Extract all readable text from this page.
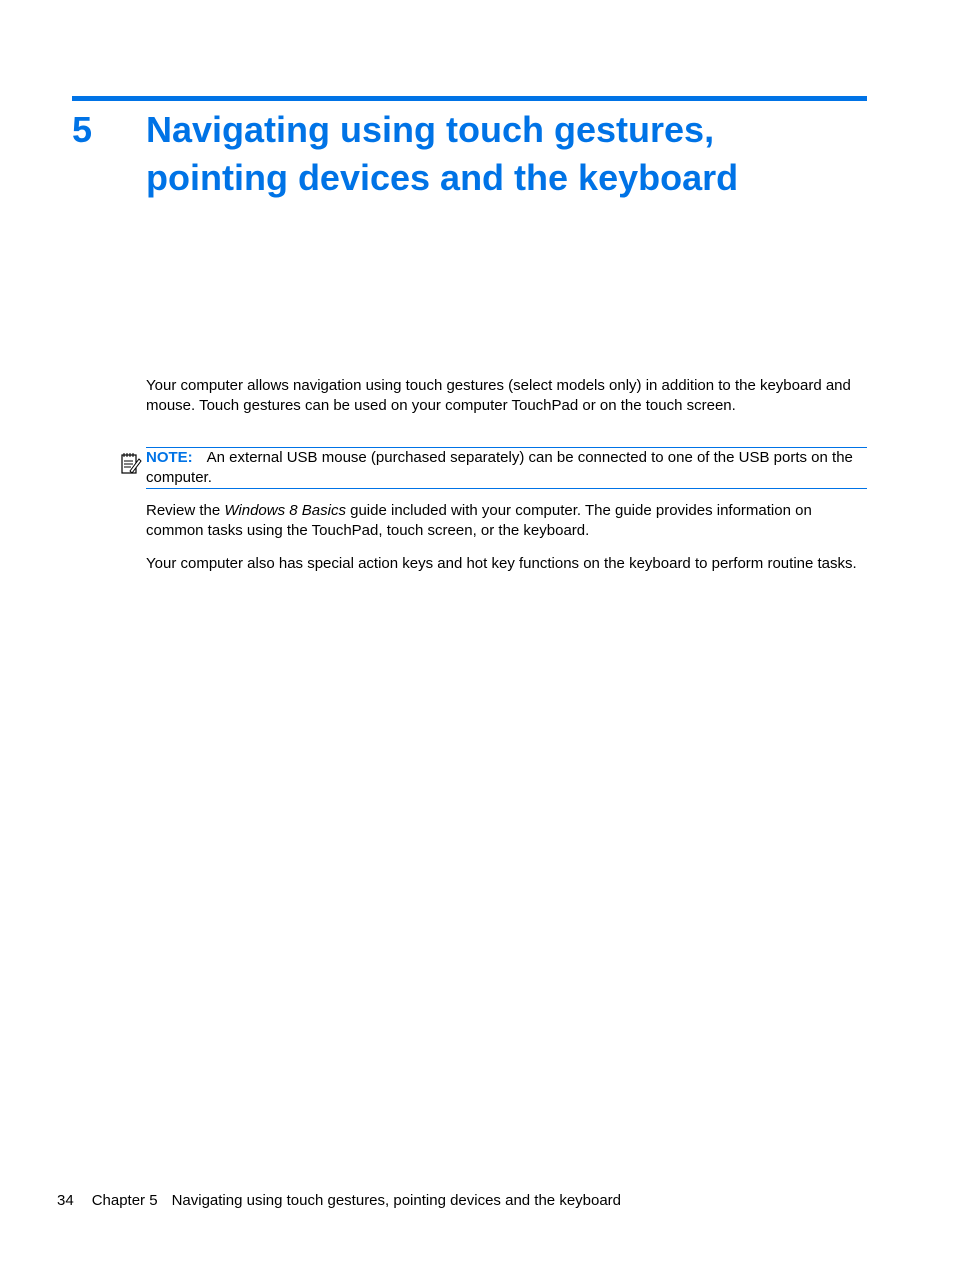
5 Navigating using touch gestures, pointing devices and the keyboard
Your computer allows navigation using touch gestures (select models only) in addition to the keyboard and mouse. Touch gestures can be used on your computer TouchPad or on the touch screen.
NOTE: An external USB mouse (purchased separately) can be connected to one of the USB ports on the computer.
Review the Windows 8 Basics guide included with your computer. The guide provides information on common tasks using the TouchPad, touch screen, or the keyboard.
Your computer also has special action keys and hot key functions on the keyboard to perform routine tasks.
34 Chapter 5 Navigating using touch gestures, pointing devices and the keyboard
